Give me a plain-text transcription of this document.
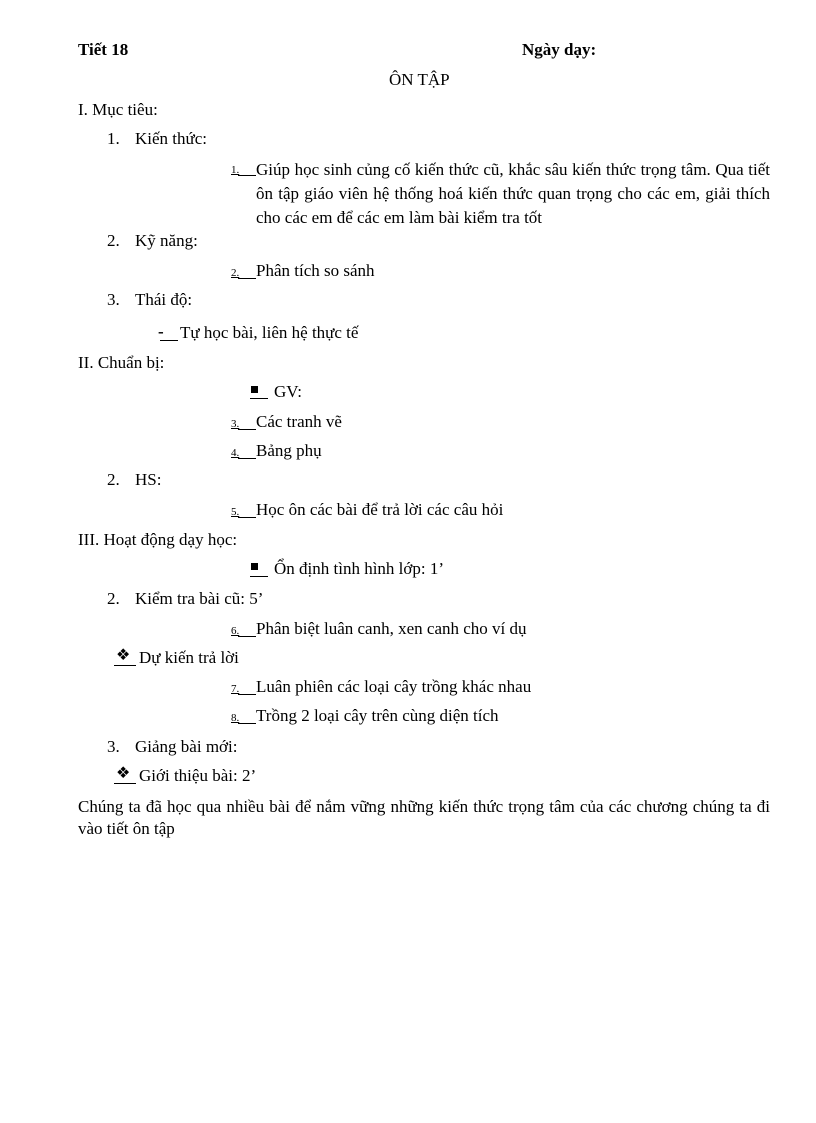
Tiết 18	Ngày dạy:
ÔN TẬP
I. Mục tiêu:
1. Kiến thức:
1. Giúp học sinh củng cố kiến thức cũ, khắc sâu kiến thức trọng tâm. Qua tiết ôn tập giáo viên hệ thống hoá kiến thức quan trọng cho các em, giải thích cho các em để các em làm bài kiểm tra tốt
2. Kỹ năng:
2. Phân tích so sánh
3. Thái độ:
- Tự học bài, liên hệ thực tế
II. Chuẩn bị:
GV:
3. Các tranh vẽ
4. Bảng phụ
2. HS:
5. Học ôn các bài để trả lời các câu hỏi
III. Hoạt động dạy học:
Ổn định tình hình lớp: 1’
2. Kiểm tra bài cũ: 5’
6. Phân biệt luân canh, xen canh cho ví dụ
❖ Dự kiến trả lời
7. Luân phiên các loại cây trồng khác nhau
8. Trồng 2 loại cây trên cùng diện tích
3. Giảng bài mới:
❖ Giới thiệu bài: 2’
Chúng ta đã học qua nhiều bài để nắm vững những kiến thức trọng tâm của các chương chúng ta đi vào tiết ôn tập
